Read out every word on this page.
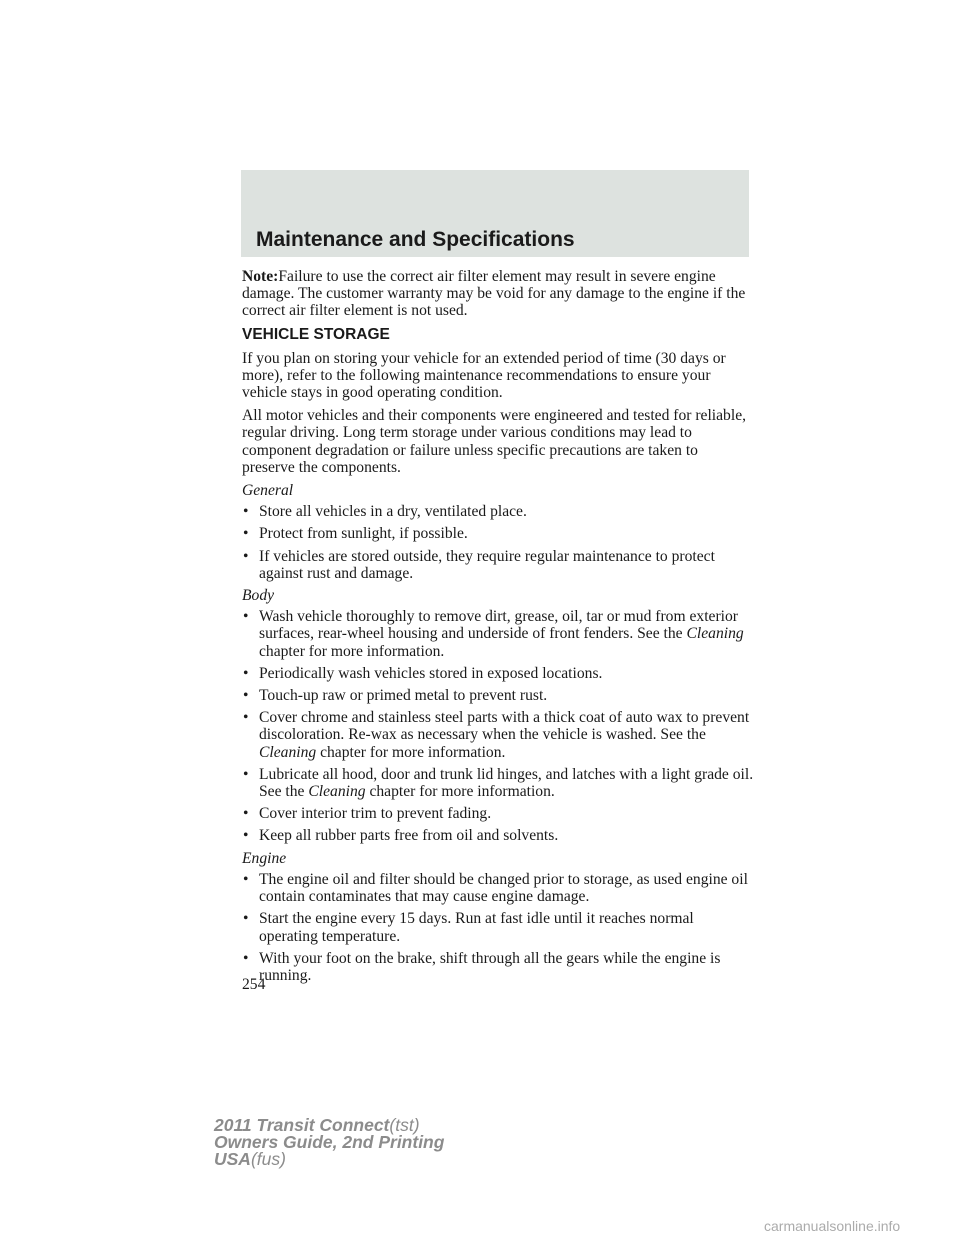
Maintenance and Specifications

Note:Failure to use the correct air filter element may result in severe engine damage. The customer warranty may be void for any damage to the engine if the correct air filter element is not used.

VEHICLE STORAGE

If you plan on storing your vehicle for an extended period of time (30 days or more), refer to the following maintenance recommendations to ensure your vehicle stays in good operating condition.

All motor vehicles and their components were engineered and tested for reliable, regular driving. Long term storage under various conditions may lead to component degradation or failure unless specific precautions are taken to preserve the components.

General
• Store all vehicles in a dry, ventilated place.
• Protect from sunlight, if possible.
• If vehicles are stored outside, they require regular maintenance to protect against rust and damage.
Body
• Wash vehicle thoroughly to remove dirt, grease, oil, tar or mud from exterior surfaces, rear-wheel housing and underside of front fenders. See the Cleaning chapter for more information.
• Periodically wash vehicles stored in exposed locations.
• Touch-up raw or primed metal to prevent rust.
• Cover chrome and stainless steel parts with a thick coat of auto wax to prevent discoloration. Re-wax as necessary when the vehicle is washed. See the Cleaning chapter for more information.
• Lubricate all hood, door and trunk lid hinges, and latches with a light grade oil. See the Cleaning chapter for more information.
• Cover interior trim to prevent fading.
• Keep all rubber parts free from oil and solvents.
Engine
• The engine oil and filter should be changed prior to storage, as used engine oil contain contaminates that may cause engine damage.
• Start the engine every 15 days. Run at fast idle until it reaches normal operating temperature.
• With your foot on the brake, shift through all the gears while the engine is running.
254
2011 Transit Connect(tst)
Owners Guide, 2nd Printing
USA(fus)
carmanualsonline.info
